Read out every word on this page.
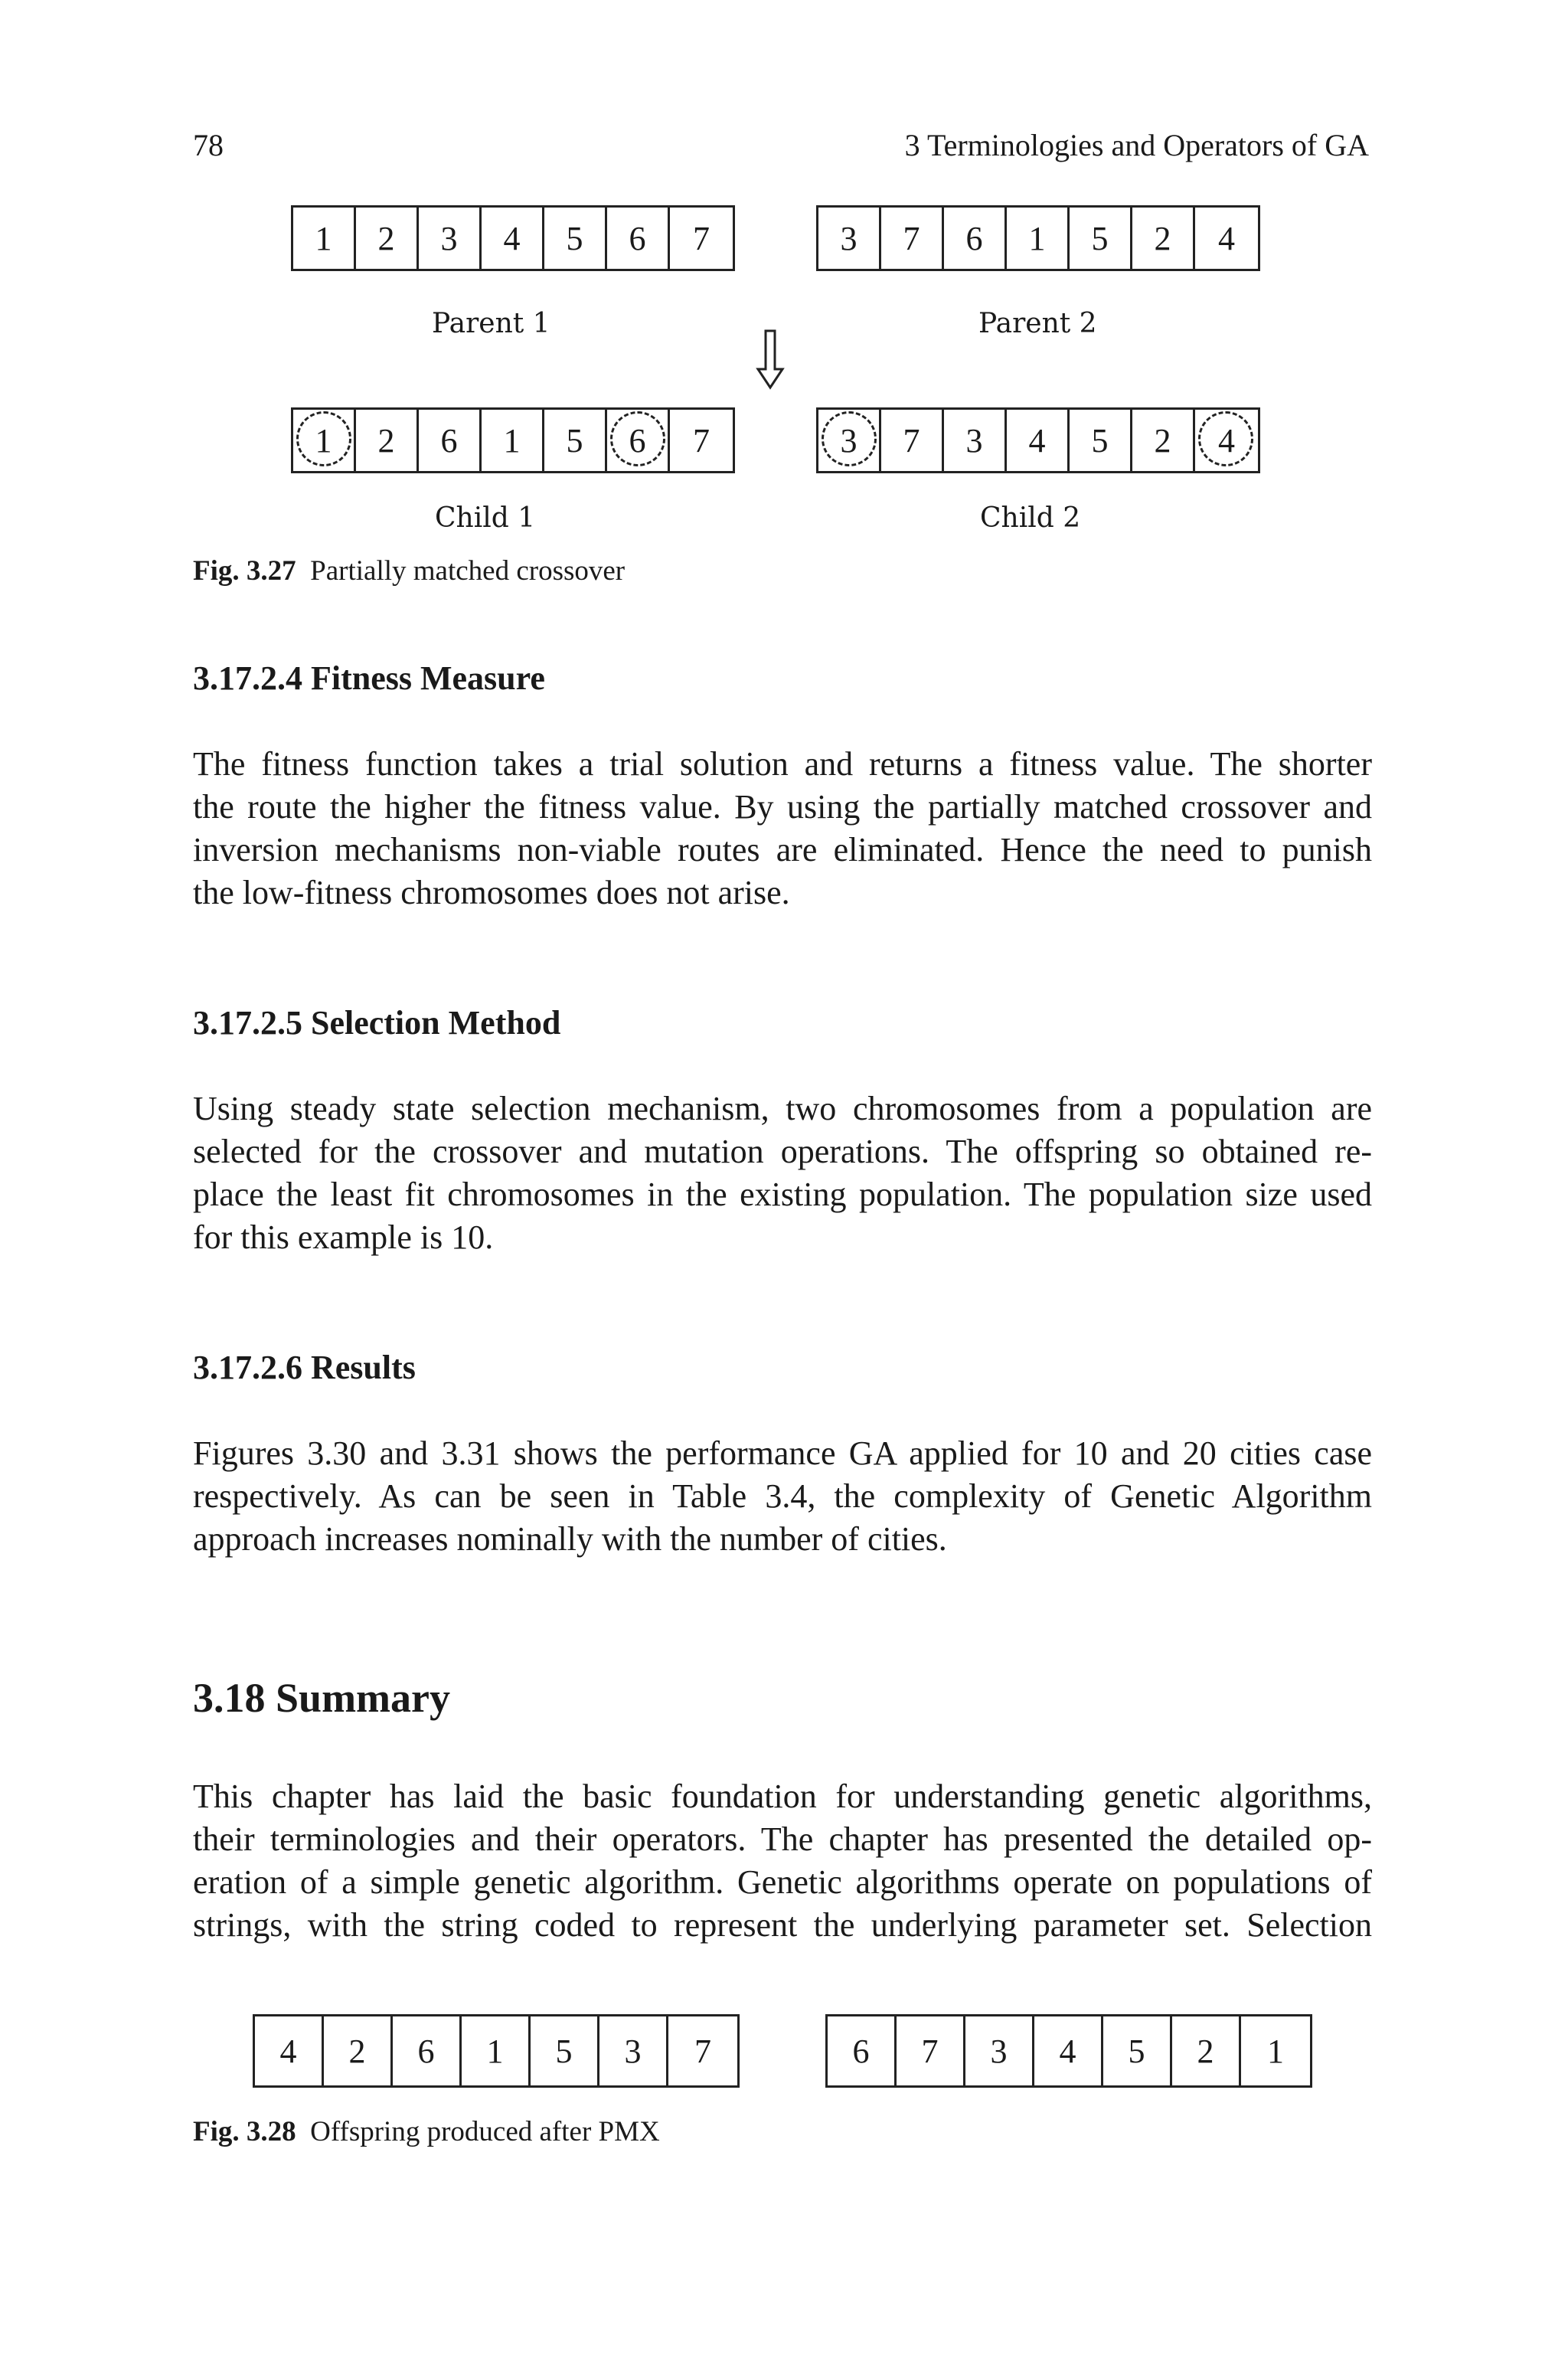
78	3 Terminologies and Operators of GA
1	2	3	4	5	6	7	3	7	6	1	5	2	4
Parent 1	Parent 2
1	2	6	1	5	6	7	3	7	3	4	5	2	4
Child 1	Child 2
Fig. 3.27 Partially matched crossover
3.17.2.4 Fitness Measure
The fitness function takes a trial solution and returns a fitness value. The shorter
the route the higher the fitness value. By using the partially matched crossover and
inversion mechanisms non-viable routes are eliminated. Hence the need to punish
the low-fitness chromosomes does not arise.
3.17.2.5 Selection Method
Using steady state selection mechanism, two chromosomes from a population are
selected for the crossover and mutation operations. The offspring so obtained re-
place the least fit chromosomes in the existing population. The population size used
for this example is 10.
3.17.2.6 Results
Figures 3.30 and 3.31 shows the performance GA applied for 10 and 20 cities case
respectively. As can be seen in Table 3.4, the complexity of Genetic Algorithm
approach increases nominally with the number of cities.
3.18 Summary
This chapter has laid the basic foundation for understanding genetic algorithms,
their terminologies and their operators. The chapter has presented the detailed op-
eration of a simple genetic algorithm. Genetic algorithms operate on populations of
strings, with the string coded to represent the underlying parameter set. Selection
4	2	6	1	5	3	7	6	7	3	4	5	2	1
Fig. 3.28 Offspring produced after PMX
